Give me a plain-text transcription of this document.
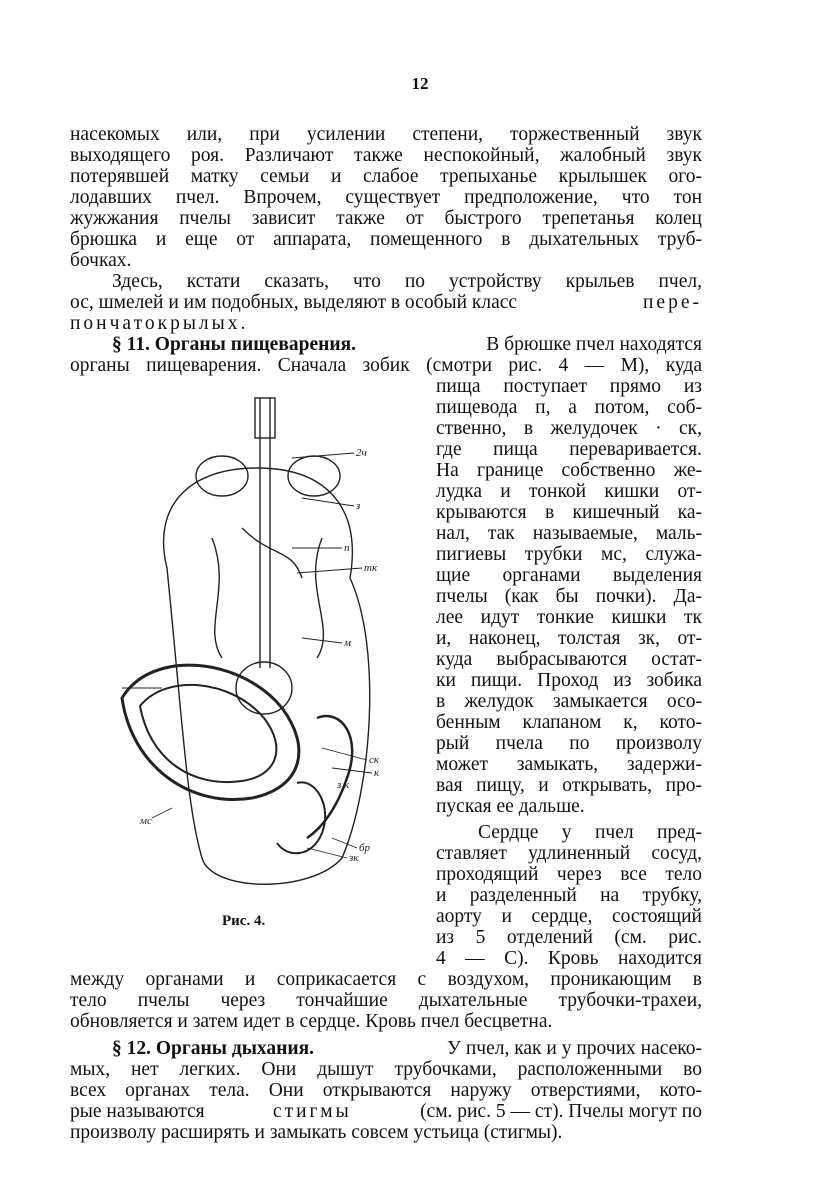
12
насекомых или, при усилении степени, торжественный звук
выходящего роя. Различают также неспокойный, жалобный звук
потерявшей матку семьи и слабое трепыханье крылышек ого-
лодавших пчел. Впрочем, существует предположение, что тон
жужжания пчелы зависит также от быстрого трепетанья колец
брюшка и еще от аппарата, помещенного в дыхательных труб-
бочках.
Здесь, кстати сказать, что по устройству крыльев пчел,
ос, шмелей и им подобных, выделяют в особый класс	пере-
пончатокрылых.
§ 11. Органы пищеварения.	В брюшке пчел находятся
органы пищеварения. Сначала зобик (смотри рис. 4 — М), куда
пища поступает прямо из
пищевода п, а потом, соб-
ственно, в желудочек · ск,
где пища переваривается.
На границе собственно же-
лудка и тонкой кишки от-
крываются в кишечный ка-
нал, так называемые, маль-
пигиевы трубки мс, служа-
щие органами выделения
пчелы (как бы почки). Да-
лее идут тонкие кишки тк
и, наконец, толстая зк, от-
куда выбрасываются остат-
ки пищи. Проход из зобика
в желудок замыкается осо-
бенным клапаном к, кото-
рый пчела по произволу
может замыкать, задержи-
вая пищу, и открывать, про-
пуская ее дальше.
Сердце у пчел пред-
ставляет удлиненный сосуд,
проходящий через все тело
и разделенный на трубку,
аорту и сердце, состоящий
из 5 отделений (см. рис.
4 — С). Кровь находится
между органами и соприкасается с воздухом, проникающим в
тело пчелы через тончайшие дыхательные трубочки-трахеи,
обновляется и затем идет в сердце. Кровь пчел бесцветна.
2ч
з
n
тк
м
ск
к
з к
мс
бр
зк
Рис. 4.
§ 12. Органы дыхания.	У пчел, как и у прочих насеко-
мых, нет легких. Они дышут трубочками, расположенными во
всех органах тела. Они открываются наружу отверстиями, кото-
рые называются	стигмы	(см. рис. 5 — ст). Пчелы могут по
произволу расширять и замыкать совсем устьица (стигмы).
